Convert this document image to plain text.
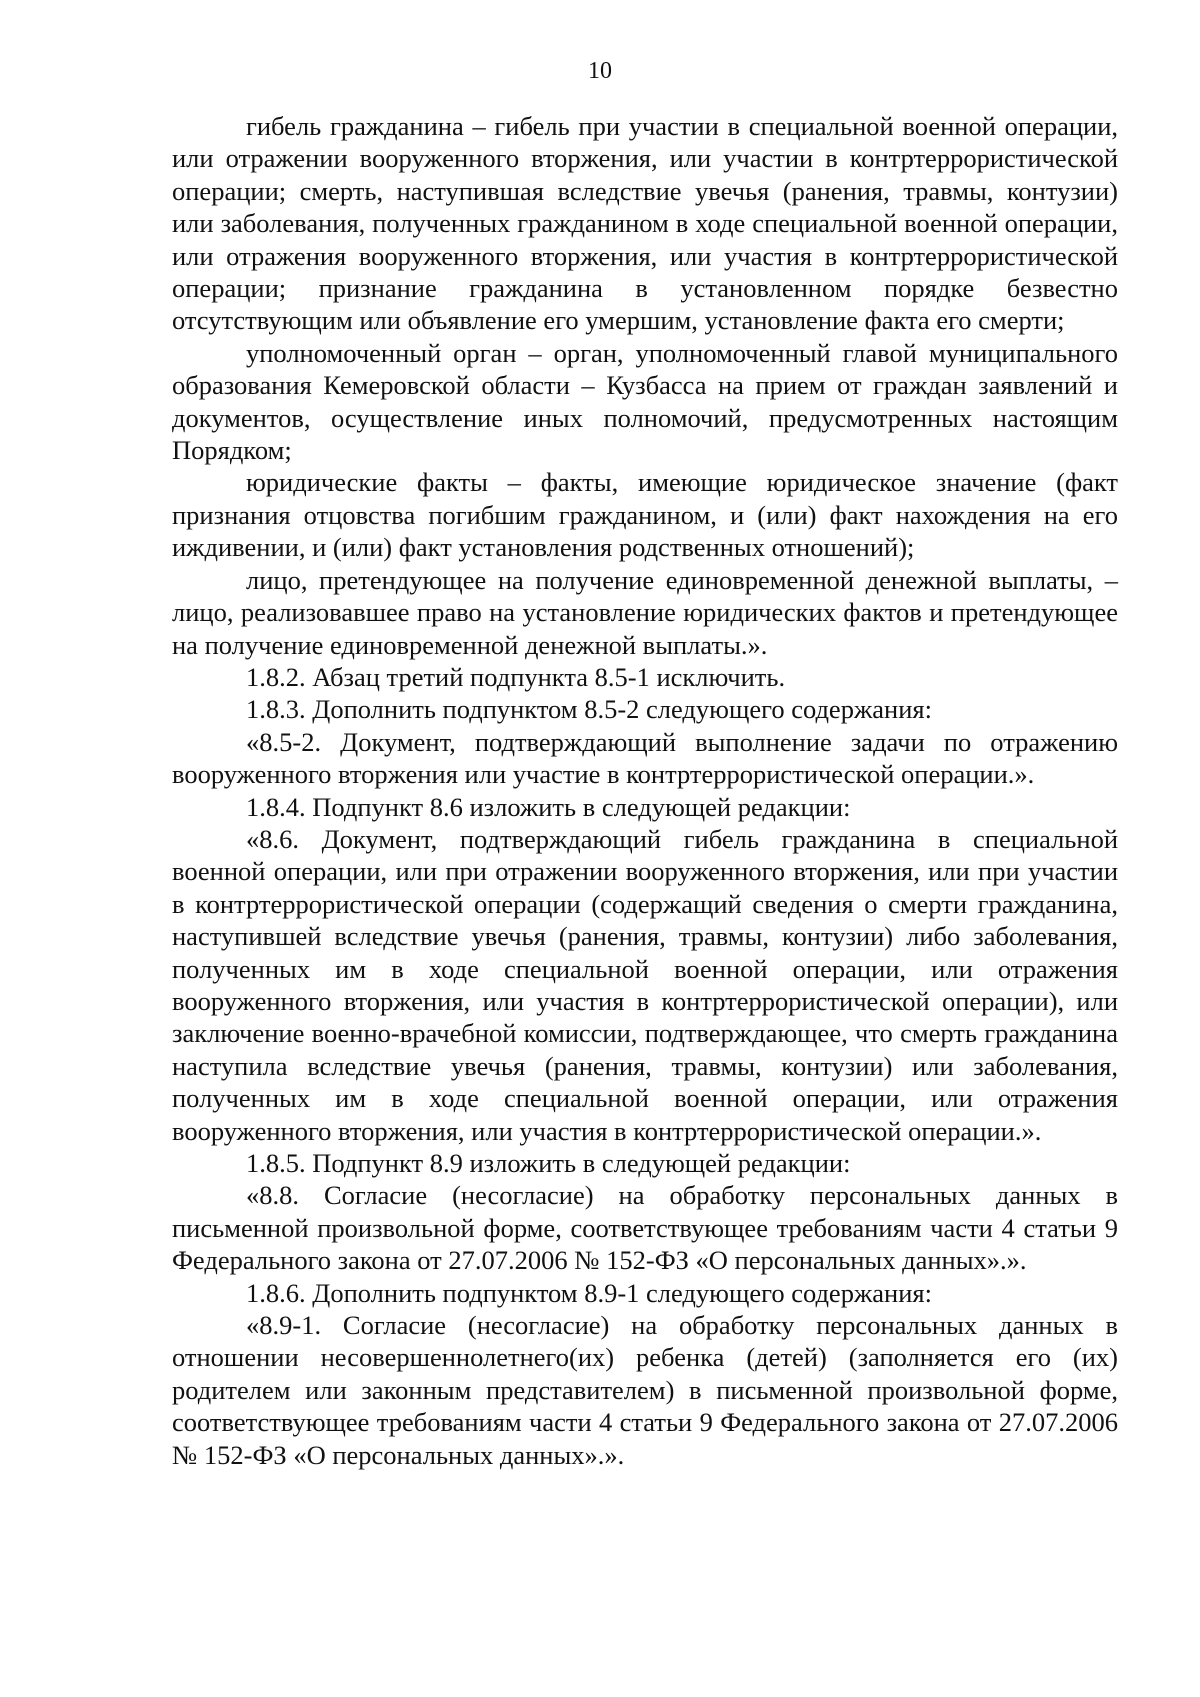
10

гибель гражданина – гибель при участии в специальной военной операции, или отражении вооруженного вторжения, или участии в контртеррористической операции; смерть, наступившая вследствие увечья (ранения, травмы, контузии) или заболевания, полученных гражданином в ходе специальной военной операции, или отражения вооруженного вторжения, или участия в контртеррористической операции; признание гражданина в установленном порядке безвестно отсутствующим или объявление его умершим, установление факта его смерти;

уполномоченный орган – орган, уполномоченный главой муниципального образования Кемеровской области – Кузбасса на прием от граждан заявлений и документов, осуществление иных полномочий, предусмотренных настоящим Порядком;

юридические факты – факты, имеющие юридическое значение (факт признания отцовства погибшим гражданином, и (или) факт нахождения на его иждивении, и (или) факт установления родственных отношений);

лицо, претендующее на получение единовременной денежной выплаты, – лицо, реализовавшее право на установление юридических фактов и претендующее на получение единовременной денежной выплаты.».

1.8.2. Абзац третий подпункта 8.5-1 исключить.

1.8.3. Дополнить подпунктом 8.5-2 следующего содержания:

«8.5-2. Документ, подтверждающий выполнение задачи по отражению вооруженного вторжения или участие в контртеррористической операции.».

1.8.4. Подпункт 8.6 изложить в следующей редакции:

«8.6. Документ, подтверждающий гибель гражданина в специальной военной операции, или при отражении вооруженного вторжения, или при участии в контртеррористической операции (содержащий сведения о смерти гражданина, наступившей вследствие увечья (ранения, травмы, контузии) либо заболевания, полученных им в ходе специальной военной операции, или отражения вооруженного вторжения, или участия в контртеррористической операции), или заключение военно-врачебной комиссии, подтверждающее, что смерть гражданина наступила вследствие увечья (ранения, травмы, контузии) или заболевания, полученных им в ходе специальной военной операции, или отражения вооруженного вторжения, или участия в контртеррористической операции.».

1.8.5. Подпункт 8.9 изложить в следующей редакции:

«8.8. Согласие (несогласие) на обработку персональных данных в письменной произвольной форме, соответствующее требованиям части 4 статьи 9 Федерального закона от 27.07.2006 № 152-ФЗ «О персональных данных».».

1.8.6. Дополнить подпунктом 8.9-1 следующего содержания:

«8.9-1. Согласие (несогласие) на обработку персональных данных в отношении несовершеннолетнего(их) ребенка (детей) (заполняется его (их) родителем или законным представителем) в письменной произвольной форме, соответствующее требованиям части 4 статьи 9 Федерального закона от 27.07.2006 № 152-ФЗ «О персональных данных».».
